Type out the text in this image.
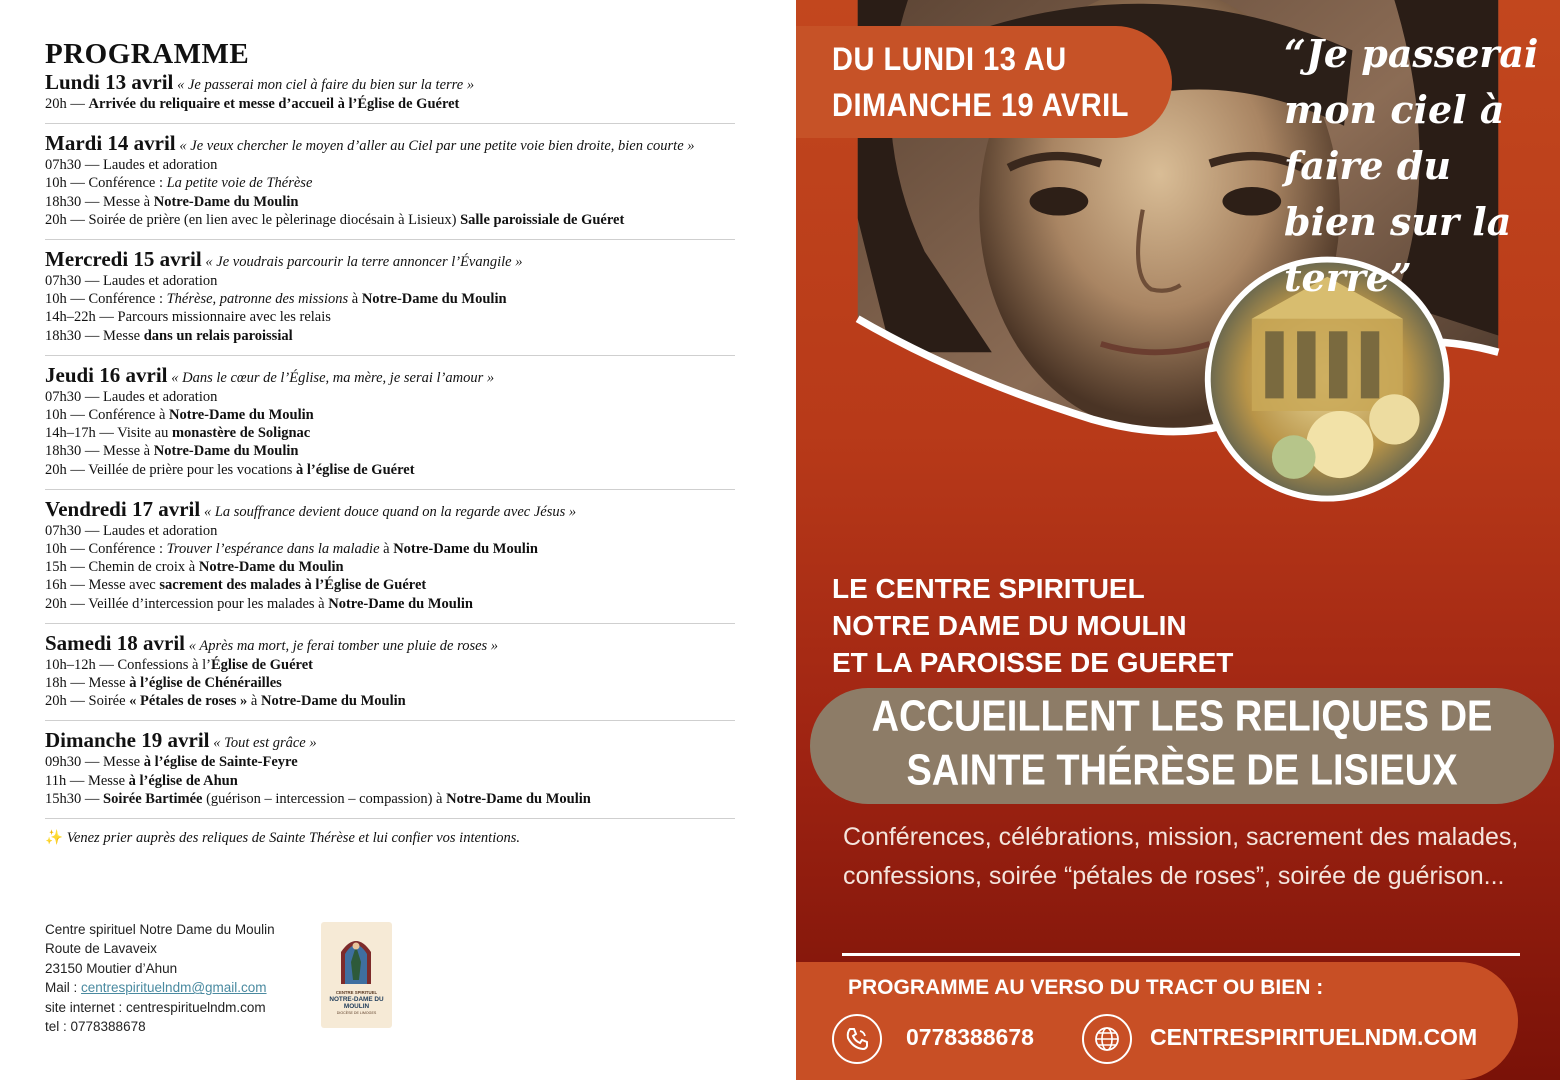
PROGRAMME
Lundi 13 avril « Je passerai mon ciel à faire du bien sur la terre »
20h — Arrivée du reliquaire et messe d’accueil à l’Église de Guéret
Mardi 14 avril « Je veux chercher le moyen d’aller au Ciel par une petite voie bien droite, bien courte »
07h30 — Laudes et adoration
10h — Conférence : La petite voie de Thérèse
18h30 — Messe à Notre-Dame du Moulin
20h — Soirée de prière (en lien avec le pèlerinage diocésain à Lisieux) Salle paroissiale de Guéret
Mercredi 15 avril « Je voudrais parcourir la terre annoncer l’Évangile »
07h30 — Laudes et adoration
10h — Conférence : Thérèse, patronne des missions à Notre-Dame du Moulin
14h–22h — Parcours missionnaire avec les relais
18h30 — Messe dans un relais paroissial
Jeudi 16 avril « Dans le cœur de l’Église, ma mère, je serai l’amour »
07h30 — Laudes et adoration
10h — Conférence à Notre-Dame du Moulin
14h–17h — Visite au monastère de Solignac
18h30 — Messe à Notre-Dame du Moulin
20h — Veillée de prière pour les vocations à l’église de Guéret
Vendredi 17 avril « La souffrance devient douce quand on la regarde avec Jésus »
07h30 — Laudes et adoration
10h — Conférence : Trouver l’espérance dans la maladie à Notre-Dame du Moulin
15h — Chemin de croix à Notre-Dame du Moulin
16h — Messe avec sacrement des malades à l’Église de Guéret
20h — Veillée d’intercession pour les malades à Notre-Dame du Moulin
Samedi 18 avril « Après ma mort, je ferai tomber une pluie de roses »
10h–12h — Confessions à l’Église de Guéret
18h — Messe à l’église de Chénérailles
20h — Soirée « Pétales de roses » à Notre-Dame du Moulin
Dimanche 19 avril « Tout est grâce »
09h30 — Messe à l’église de Sainte-Feyre
11h — Messe à l’église de Ahun
15h30 — Soirée Bartimée (guérison – intercession – compassion) à Notre-Dame du Moulin
✨ Venez prier auprès des reliques de Sainte Thérèse et lui confier vos intentions.
Centre spirituel Notre Dame du Moulin
Route de Lavaveix
23150 Moutier d’Ahun
Mail : centrespirituelndm@gmail.com
site internet : centrespirituelndm.com
tel : 0778388678
CENTRE SPIRITUEL
NOTRE-DAME DU
MOULIN
DIOCÈSE DE LIMOGES
DU LUNDI 13 AU
DIMANCHE 19 AVRIL
“Je passerai mon ciel à faire du bien sur la terre”
LE CENTRE SPIRITUEL
NOTRE DAME DU MOULIN
ET LA PAROISSE DE GUERET
ACCUEILLENT LES RELIQUES DE
SAINTE THÉRÈSE DE LISIEUX
Conférences, célébrations, mission, sacrement des malades, confessions, soirée “pétales de roses”, soirée de guérison...
PROGRAMME AU VERSO DU TRACT OU BIEN :
0778388678	CENTRESPIRITUELNDM.COM
